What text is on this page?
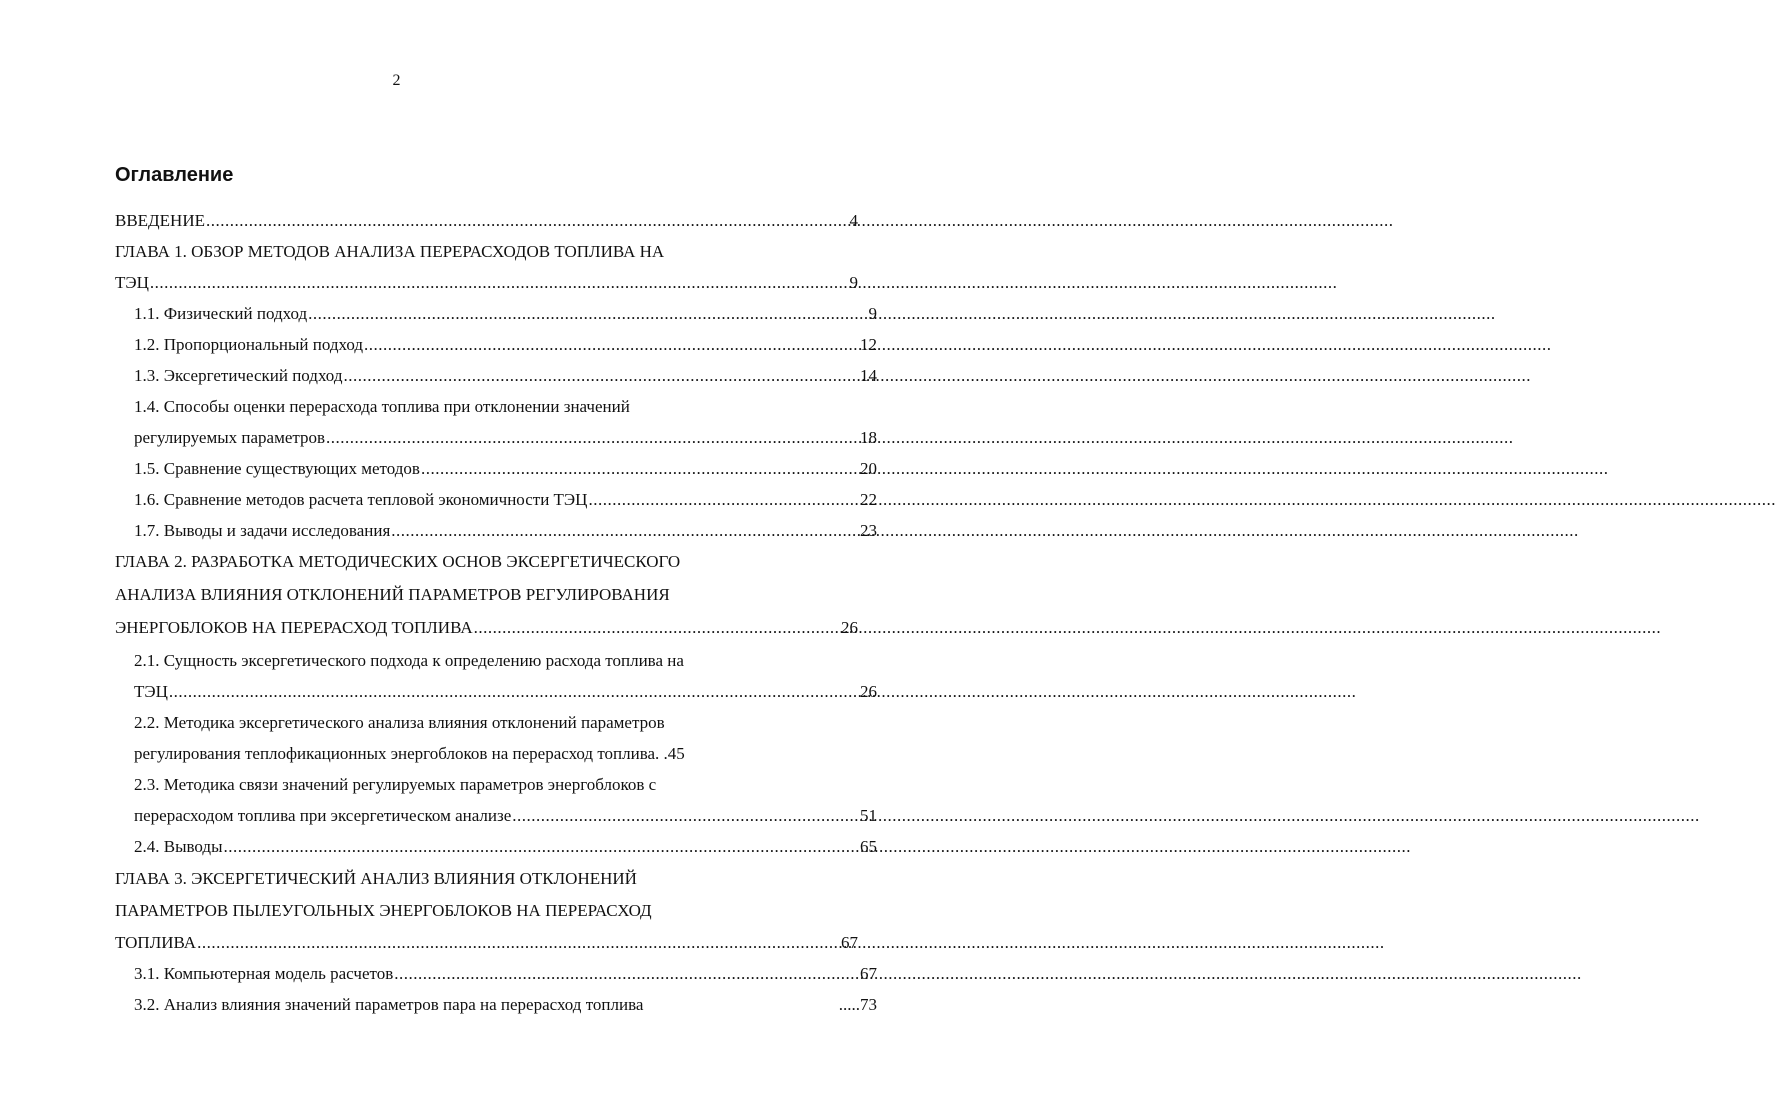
2
Оглавление
ВВЕДЕНИЕ .....	4
ГЛАВА 1. ОБЗОР МЕТОДОВ АНАЛИЗА ПЕРЕРАСХОДОВ ТОПЛИВА НА
ТЭЦ .....	9
1.1. Физический подход .....	9
1.2. Пропорциональный подход .....	12
1.3. Эксергетический подход .....	14
1.4. Способы оценки перерасхода топлива при отклонении значений
регулируемых параметров .....	18
1.5. Сравнение существующих методов .....	20
1.6. Сравнение методов расчета тепловой экономичности ТЭЦ .....	22
1.7. Выводы и задачи исследования .....	23
ГЛАВА 2. РАЗРАБОТКА МЕТОДИЧЕСКИХ ОСНОВ ЭКСЕРГЕТИЧЕСКОГО
АНАЛИЗА ВЛИЯНИЯ ОТКЛОНЕНИЙ ПАРАМЕТРОВ РЕГУЛИРОВАНИЯ
ЭНЕРГОБЛОКОВ НА ПЕРЕРАСХОД ТОПЛИВА .....	26
2.1. Сущность эксергетического подхода к определению расхода топлива на
ТЭЦ .....	26
2.2. Методика эксергетического анализа влияния отклонений параметров
регулирования теплофикационных энергоблоков на перерасход топлива. .45
2.3. Методика связи значений регулируемых параметров энергоблоков с
перерасходом топлива при эксергетическом анализе .....	51
2.4. Выводы .....	65
ГЛАВА 3. ЭКСЕРГЕТИЧЕСКИЙ АНАЛИЗ ВЛИЯНИЯ ОТКЛОНЕНИЙ
ПАРАМЕТРОВ ПЫЛЕУГОЛЬНЫХ ЭНЕРГОБЛОКОВ НА ПЕРЕРАСХОД
ТОПЛИВА .....	67
3.1. Компьютерная модель расчетов .....	67
3.2. Анализ влияния значений параметров пара на перерасход топлива	.....73
